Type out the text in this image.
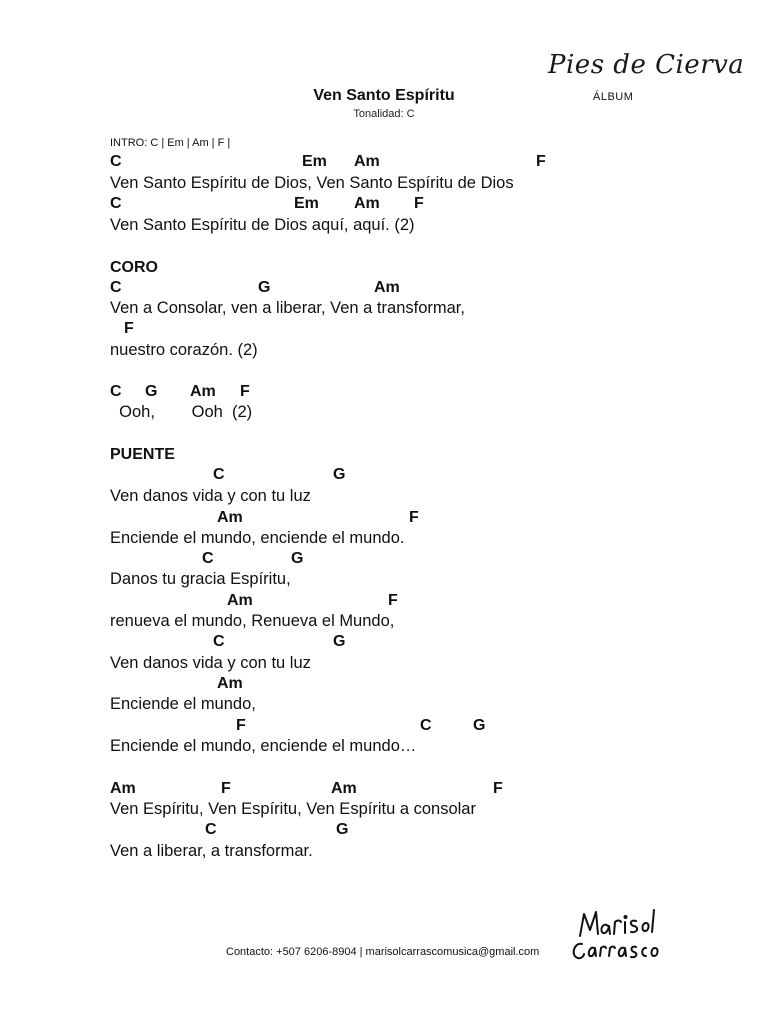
Pies de Cierva
ÁLBUM
Ven Santo Espíritu
Tonalidad: C
INTRO: C | Em | Am | F |
C	Em Am	F
Ven Santo Espíritu de Dios, Ven Santo Espíritu de Dios
C	Em Am F
Ven Santo Espíritu de Dios aquí, aquí. (2)
CORO
C	G	Am
Ven a Consolar, ven a liberar, Ven a transformar,
F
nuestro corazón. (2)
C G Am F
Ooh,        Ooh  (2)
PUENTE
C	G
Ven danos vida y con tu luz
Am	F
Enciende el mundo, enciende el mundo.
C	G
Danos tu gracia Espíritu,
Am	F
renueva el mundo, Renueva el Mundo,
C	G
Ven danos vida y con tu luz
Am
Enciende el mundo,
F	C	G
Enciende el mundo, enciende el mundo…
Am	F	Am	F
Ven Espíritu, Ven Espíritu, Ven Espíritu a consolar
C	G
Ven a liberar, a transformar.
Contacto: +507 6206-8904 | marisolcarrascomusica@gmail.com
Marisol Carrasco
